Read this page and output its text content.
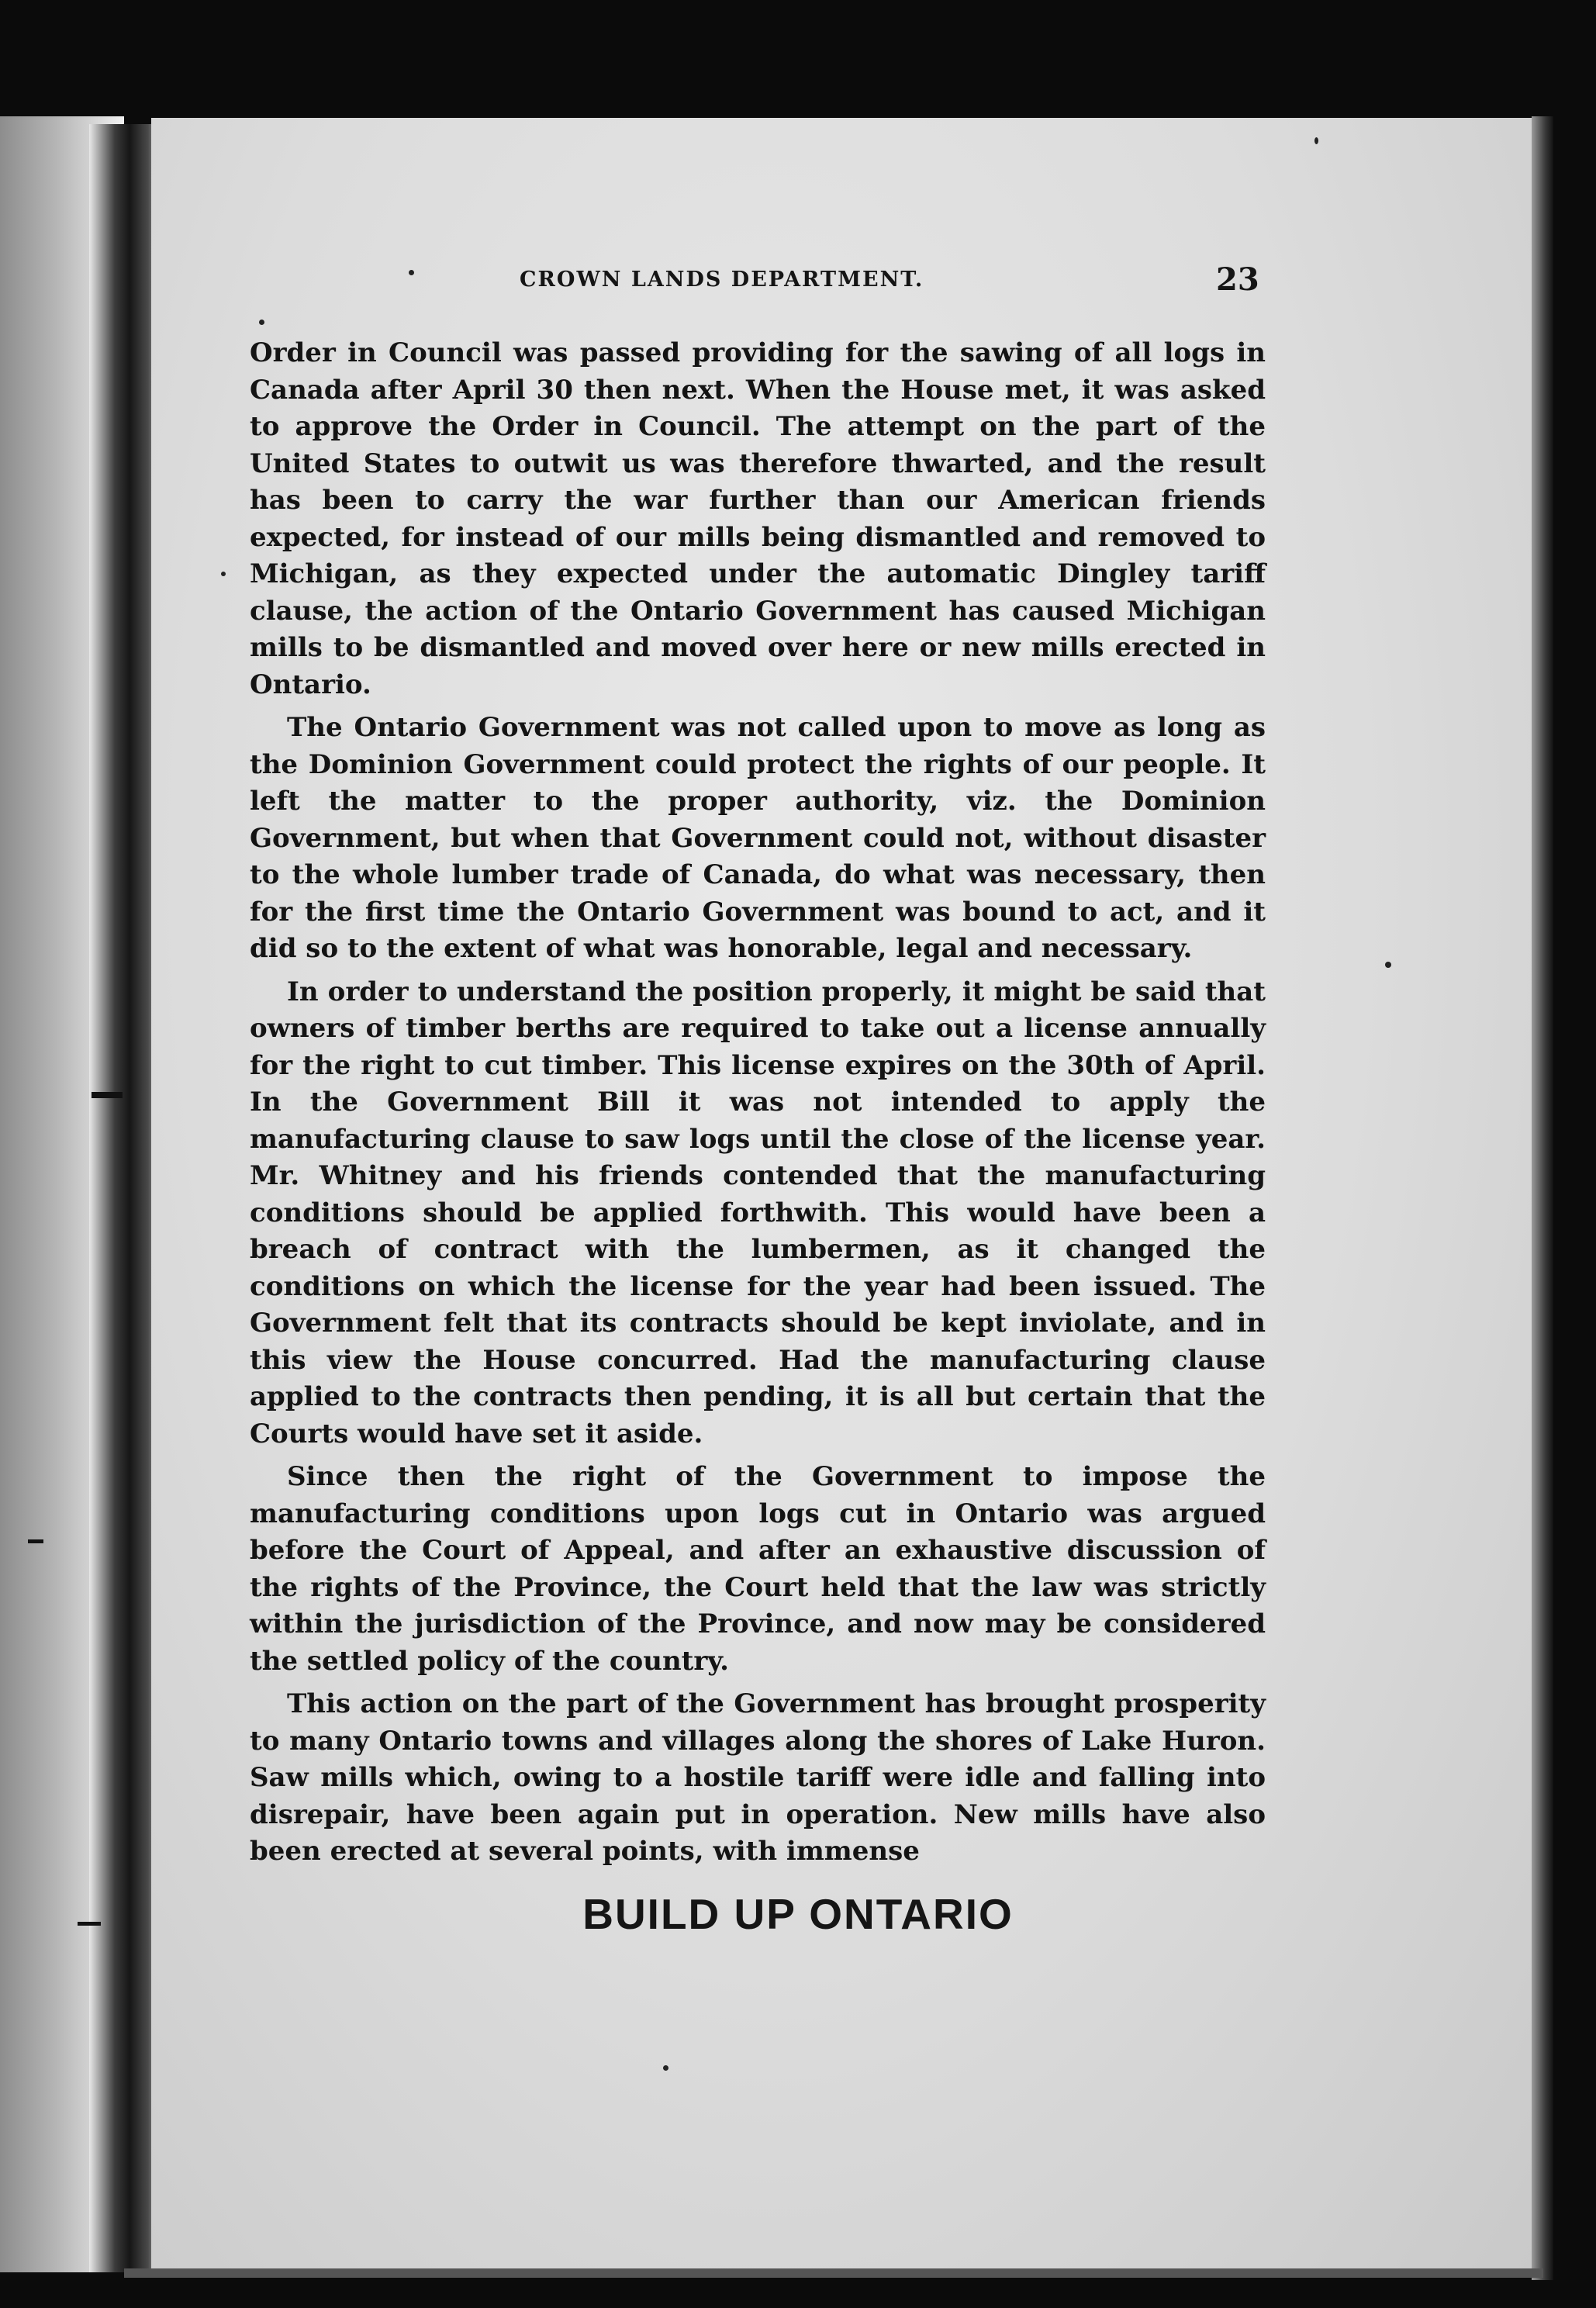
CROWN LANDS DEPARTMENT.	23

Order in Council was passed providing for the sawing of all logs in Canada after April 30 then next. When the House met, it was asked to approve the Order in Council. The attempt on the part of the United States to outwit us was therefore thwarted, and the result has been to carry the war further than our American friends expected, for instead of our mills being dismantled and removed to Michigan, as they expected under the automatic Dingley tariff clause, the action of the Ontario Government has caused Michigan mills to be dismantled and moved over here or new mills erected in Ontario.

The Ontario Government was not called upon to move as long as the Dominion Government could protect the rights of our people. It left the matter to the proper authority, viz. the Dominion Government, but when that Government could not, without disaster to the whole lumber trade of Canada, do what was necessary, then for the first time the Ontario Government was bound to act, and it did so to the extent of what was honorable, legal and necessary.

In order to understand the position properly, it might be said that owners of timber berths are required to take out a license annually for the right to cut timber. This license expires on the 30th of April. In the Government Bill it was not intended to apply the manufacturing clause to saw logs until the close of the license year. Mr. Whitney and his friends contended that the manufacturing conditions should be applied forthwith. This would have been a breach of contract with the lumbermen, as it changed the conditions on which the license for the year had been issued. The Government felt that its contracts should be kept inviolate, and in this view the House concurred. Had the manufacturing clause applied to the contracts then pending, it is all but certain that the Courts would have set it aside.

Since then the right of the Government to impose the manufacturing conditions upon logs cut in Ontario was argued before the Court of Appeal, and after an exhaustive discussion of the rights of the Province, the Court held that the law was strictly within the jurisdiction of the Province, and now may be considered the settled policy of the country.

This action on the part of the Government has brought prosperity to many Ontario towns and villages along the shores of Lake Huron. Saw mills which, owing to a hostile tariff were idle and falling into disrepair, have been again put in operation. New mills have also been erected at several points, with immense

BUILD UP ONTARIO
